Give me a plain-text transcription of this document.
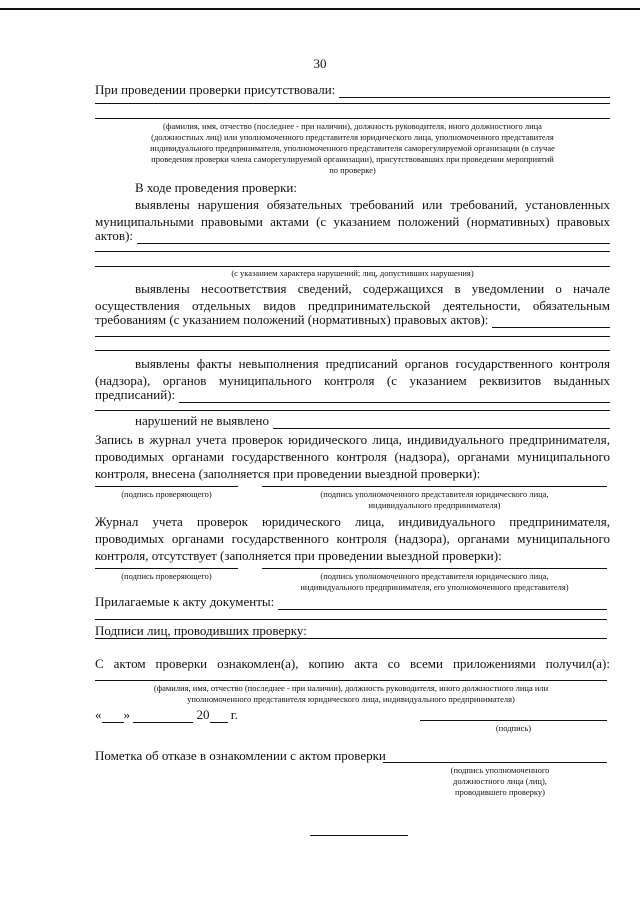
30
При проведении проверки присутствовали:
(фамилия, имя, отчество (последнее - при наличии), должность руководителя, иного должностного лица
(должностных лиц) или уполномоченного представителя юридического лица, уполномоченного представителя
индивидуального предпринимателя, уполномоченного представителя саморегулируемой организации (в случае
проведения проверки члена саморегулируемой организации), присутствовавших при проведении мероприятий
по проверке)
В ходе проведения проверки:
выявлены нарушения обязательных требований или требований, установленных
муниципальными правовыми актами (с указанием положений (нормативных) правовых
актов):
(с указанием характера нарушений; лиц, допустивших нарушения)
выявлены несоответствия сведений, содержащихся в уведомлении о начале
осуществления отдельных видов предпринимательской деятельности, обязательным
требованиям (с указанием положений (нормативных) правовых актов):
выявлены факты невыполнения предписаний органов государственного контроля
(надзора), органов муниципального контроля (с указанием реквизитов выданных
предписаний):
нарушений не выявлено
Запись в журнал учета проверок юридического лица, индивидуального предпринимателя,
проводимых органами государственного контроля (надзора), органами муниципального
контроля, внесена (заполняется при проведении выездной проверки):
(подпись проверяющего)	(подпись уполномоченного представителя юридического лица,
индивидуального предпринимателя)
Журнал учета проверок юридического лица, индивидуального предпринимателя,
проводимых органами государственного контроля (надзора), органами муниципального
контроля, отсутствует (заполняется при проведении выездной проверки):
(подпись проверяющего)	(подпись уполномоченного представителя юридического лица,
индивидуального предпринимателя, его уполномоченного представителя)
Прилагаемые к акту документы:
Подписи лиц, проводивших проверку:
С актом проверки ознакомлен(а), копию акта со всеми приложениями получил(а):
(фамилия, имя, отчество (последнее - при наличии), должность руководителя, иного должностного лица или
уполномоченного представителя юридического лица, индивидуального предпринимателя)
« »	20 г.
(подпись)
Пометка об отказе в ознакомлении с актом проверки
(подпись уполномоченного
должностного лица (лиц),
проводившего проверку)
